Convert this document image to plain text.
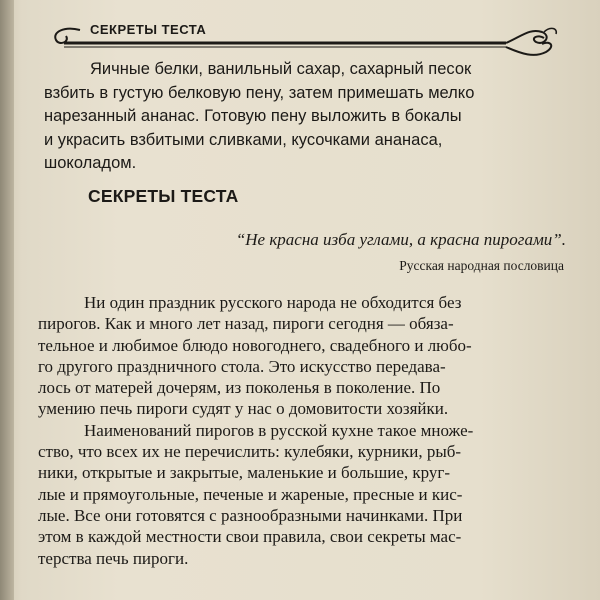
СЕКРЕТЫ ТЕСТА
Яичные белки, ванильный сахар, сахарный песок
взбить в густую белковую пену, затем примешать мелко
нарезанный ананас. Готовую пену выложить в бокалы
и украсить взбитыми сливками, кусочками ананаса,
шоколадом.
СЕКРЕТЫ ТЕСТА
“Не красна изба углами, а красна пирогами”.
Русская народная пословица
Ни один праздник русского народа не обходится без
пирогов. Как и много лет назад, пироги сегодня — обяза-
тельное и любимое блюдо новогоднего, свадебного и любо-
го другого праздничного стола. Это искусство передава-
лось от матерей дочерям, из поколенья в поколение. По
умению печь пироги судят у нас о домовитости хозяйки.
Наименований пирогов в русской кухне такое множе-
ство, что всех их не перечислить: кулебяки, курники, рыб-
ники, открытые и закрытые, маленькие и большие, круг-
лые и прямоугольные, печеные и жареные, пресные и кис-
лые. Все они готовятся с разнообразными начинками. При
этом в каждой местности свои правила, свои секреты мас-
терства печь пироги.
